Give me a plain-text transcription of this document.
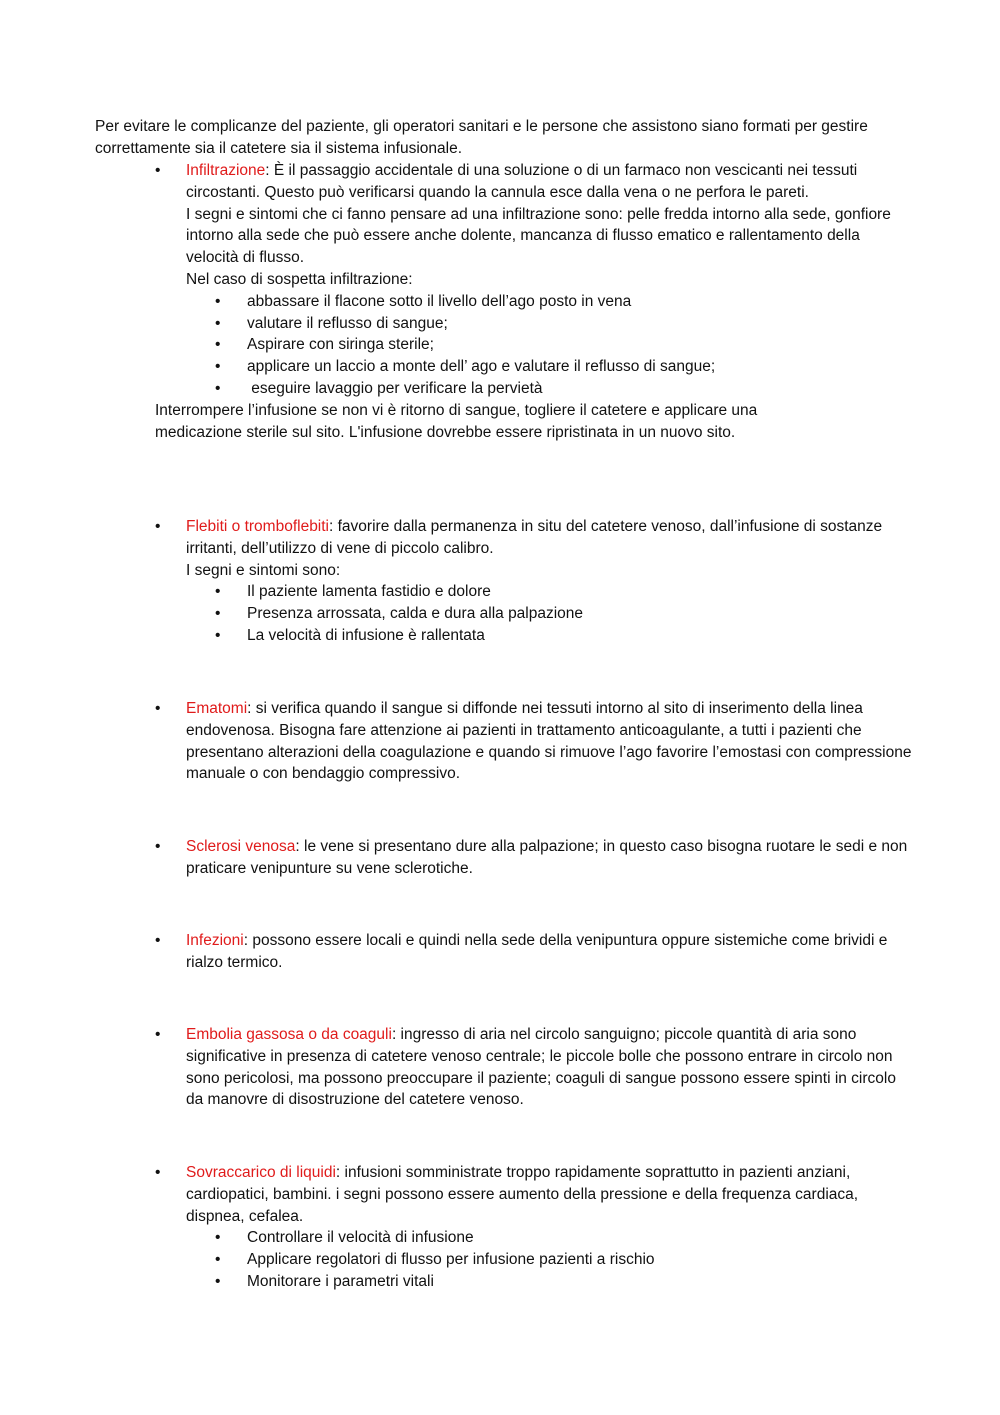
Per evitare le complicanze del paziente, gli operatori sanitari e le persone che assistono siano formati per gestire correttamente sia il catetere sia il sistema infusionale.

•	Infiltrazione: È il passaggio accidentale di una soluzione o di un farmaco non vescicanti nei tessuti circostanti. Questo può verificarsi quando la cannula esce dalla vena o ne perfora le pareti.

I segni e sintomi che ci fanno pensare ad una infiltrazione sono: pelle fredda intorno alla sede, gonfiore intorno alla sede che può essere anche dolente, mancanza di flusso ematico e rallentamento della velocità di flusso.

Nel caso di sospetta infiltrazione:

•	abbassare il flacone sotto il livello dell’ago posto in vena
•	valutare il reflusso di sangue;
•	Aspirare con siringa sterile;
•	applicare un laccio a monte dell’ ago e valutare il reflusso di sangue;
•	eseguire lavaggio per verificare la pervietà

Interrompere l’infusione se non vi è ritorno di sangue, togliere il catetere e applicare una medicazione sterile sul sito. L'infusione dovrebbe essere ripristinata in un nuovo sito.

•	Flebiti o tromboflebiti: favorire dalla permanenza in situ del catetere venoso, dall’infusione di sostanze irritanti, dell’utilizzo di vene di piccolo calibro.

I segni e sintomi sono:

•	Il paziente lamenta fastidio e dolore
•	Presenza arrossata, calda e dura alla palpazione
•	La velocità di infusione è rallentata
•	Ematomi: si verifica quando il sangue si diffonde nei tessuti intorno al sito di inserimento della linea endovenosa. Bisogna fare attenzione ai pazienti in trattamento anticoagulante, a tutti i pazienti che presentano alterazioni della coagulazione e quando si rimuove l’ago favorire l’emostasi con compressione manuale o con bendaggio compressivo.

•	Sclerosi venosa: le vene si presentano dure alla palpazione; in questo caso bisogna ruotare le sedi e non praticare venipunture su vene sclerotiche.

•	Infezioni: possono essere locali e quindi nella sede della venipuntura oppure sistemiche come brividi e rialzo termico.

•	Embolia gassosa o da coaguli: ingresso di aria nel circolo sanguigno; piccole quantità di aria sono significative in presenza di catetere venoso centrale; le piccole bolle che possono entrare in circolo non sono pericolosi, ma possono preoccupare il paziente; coaguli di sangue possono essere spinti in circolo da manovre di disostruzione del catetere venoso.

•	Sovraccarico di liquidi: infusioni somministrate troppo rapidamente soprattutto in pazienti anziani, cardiopatici, bambini. i segni possono essere aumento della pressione e della frequenza cardiaca, dispnea, cefalea.

•	Controllare il velocità di infusione
•	Applicare regolatori di flusso per infusione pazienti a rischio
•	Monitorare i parametri vitali
